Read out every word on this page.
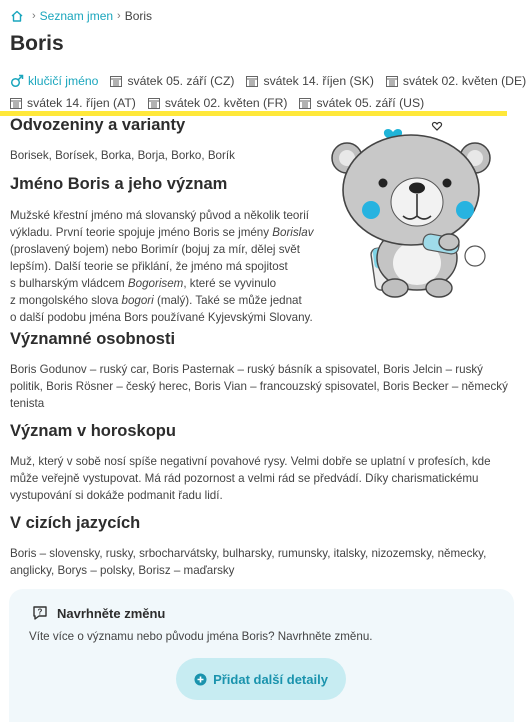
› Seznam jmen › Boris
Boris
klučičí jméno svátek 05. září (CZ) svátek 14. říjen (SK) svátek 02. květen (DE)
svátek 14. říjen (AT) svátek 02. květen (FR) svátek 05. září (US)
Odvozeniny a varianty

Borisek, Borísek, Borka, Borja, Borko, Borík

Jméno Boris a jeho význam

Mužské křestní jméno má slovanský původ a několik teorií

výkladu. První teorie spojuje jméno Boris se jmény Borislav

(proslavený bojem) nebo Borimír (bojuj za mír, dělej svět

lepším). Další teorie se přiklání, že jméno má spojitost

s bulharským vládcem Bogorisem, které se vyvinulo

z mongolského slova bogori (malý). Také se může jednat

o další podobu jména Bors používané Kyjevskými Slovany.

Významné osobnosti

Boris Godunov – ruský car, Boris Pasternak – ruský básník a spisovatel, Boris Jelcin – ruský

politik, Boris Rösner – český herec, Boris Vian – francouzský spisovatel, Boris Becker – německý

tenista

Význam v horoskopu

Muž, který v sobě nosí spíše negativní povahové rysy. Velmi dobře se uplatní v profesích, kde

může veřejně vystupovat. Má rád pozornost a velmi rád se předvádí. Díky charismatickému

vystupování si dokáže podmanit řadu lidí.

V cizích jazycích

Boris – slovensky, rusky, srbocharvátsky, bulharsky, rumunsky, italsky, nizozemsky, německy,

anglicky, Borys – polsky, Borisz – maďarsky

? Navrhněte změnu
Víte více o významu nebo původu jména Boris? Navrhněte změnu.
Přidat další detaily
